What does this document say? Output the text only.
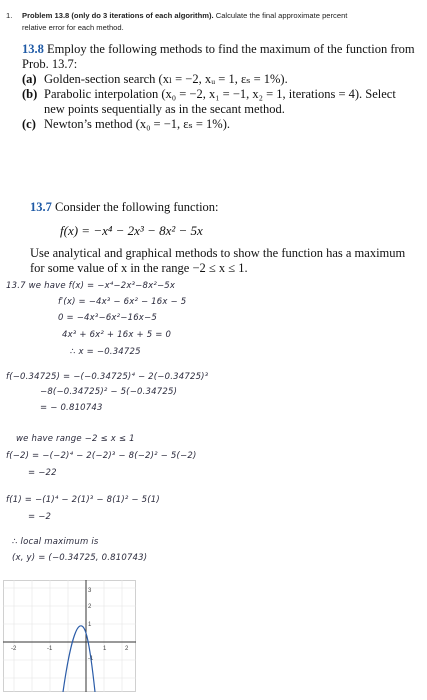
1. Problem 13.8 (only do 3 iterations of each algorithm). Calculate the final approximate percent
relative error for each method.

13.8 Employ the following methods to find the maximum of the function from Prob. 13.7:

(a) Golden-section search (xₗ = −2, xᵤ = 1, εₛ = 1%).
(b) Parabolic interpolation (x₀ = −2, x₁ = −1, x₂ = 1, iterations = 4). Select new points sequentially as in the secant method.
(c) Newton’s method (x₀ = −1, εₛ = 1%).
13.7 Consider the following function:
f(x) = −x⁴ − 2x³ − 8x² − 5x
Use analytical and graphical methods to show the function has a maximum for some value of x in the range −2 ≤ x ≤ 1.
13.7 we have f(x) = −x⁴−2x³−8x²−5x
f′(x) = −4x³ − 6x² − 16x − 5
0 = −4x³−6x²−16x−5
4x³ + 6x² + 16x + 5 = 0
∴ x = −0.34725
f(−0.34725) = −(−0.34725)⁴ − 2(−0.34725)³
−8(−0.34725)² − 5(−0.34725)
= − 0.810743
we have range −2 ≤ x ≤ 1
f(−2) = −(−2)⁴ − 2(−2)³ − 8(−2)² − 5(−2)
= −22
f(1) = −(1)⁴ − 2(1)³ − 8(1)² − 5(1)
= −2
∴ local maximum is
(x, y) = (−0.34725, 0.810743)
3
2
1
-2	-1	1	2
-1
